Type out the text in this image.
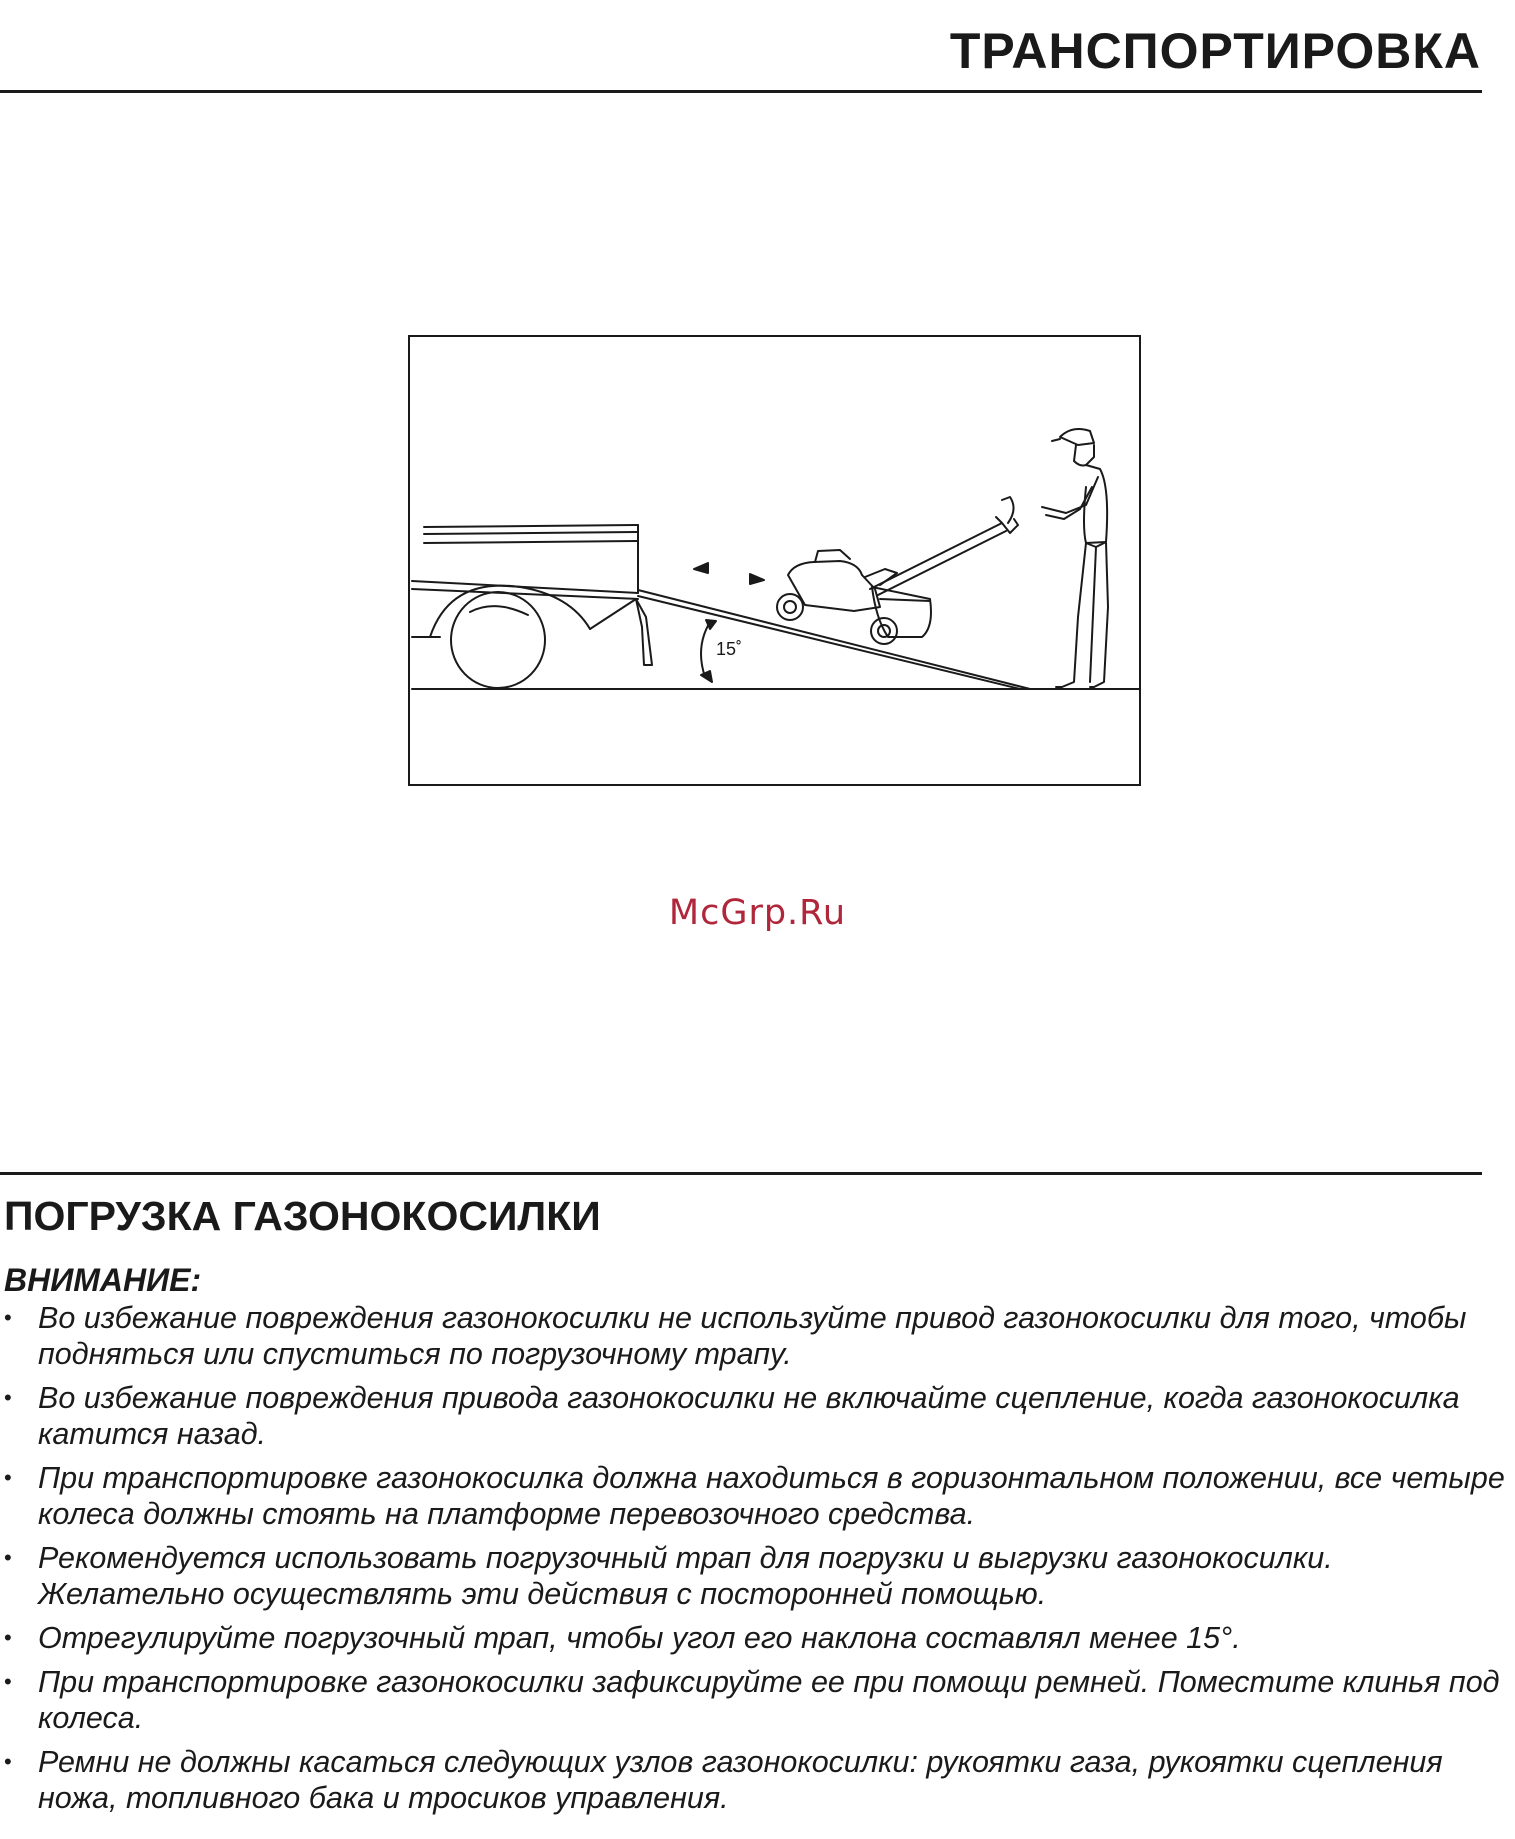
ТРАНСПОРТИРОВКА
15˚
McGrp.Ru
ПОГРУЗКА ГАЗОНОКОСИЛКИ
ВНИМАНИЕ:
• Во избежание повреждения газонокосилки не используйте привод газонокосилки для того, чтобы подняться или спуститься по погрузочному трапу.
• Во избежание повреждения привода газонокосилки не включайте сцепление, когда газонокосилка катится назад.
• При транспортировке газонокосилка должна находиться в горизонтальном положении, все четыре колеса должны стоять на платформе перевозочного средства.
• Рекомендуется использовать погрузочный трап для погрузки и выгрузки газонокосилки. Желательно осуществлять эти действия с посторонней помощью.
• Отрегулируйте погрузочный трап, чтобы угол его наклона составлял менее 15°.
• При транспортировке газонокосилки зафиксируйте ее при помощи ремней. Поместите клинья под колеса.
• Ремни не должны касаться следующих узлов газонокосилки: рукоятки газа, рукоятки сцепления ножа, топливного бака и тросиков управления.
